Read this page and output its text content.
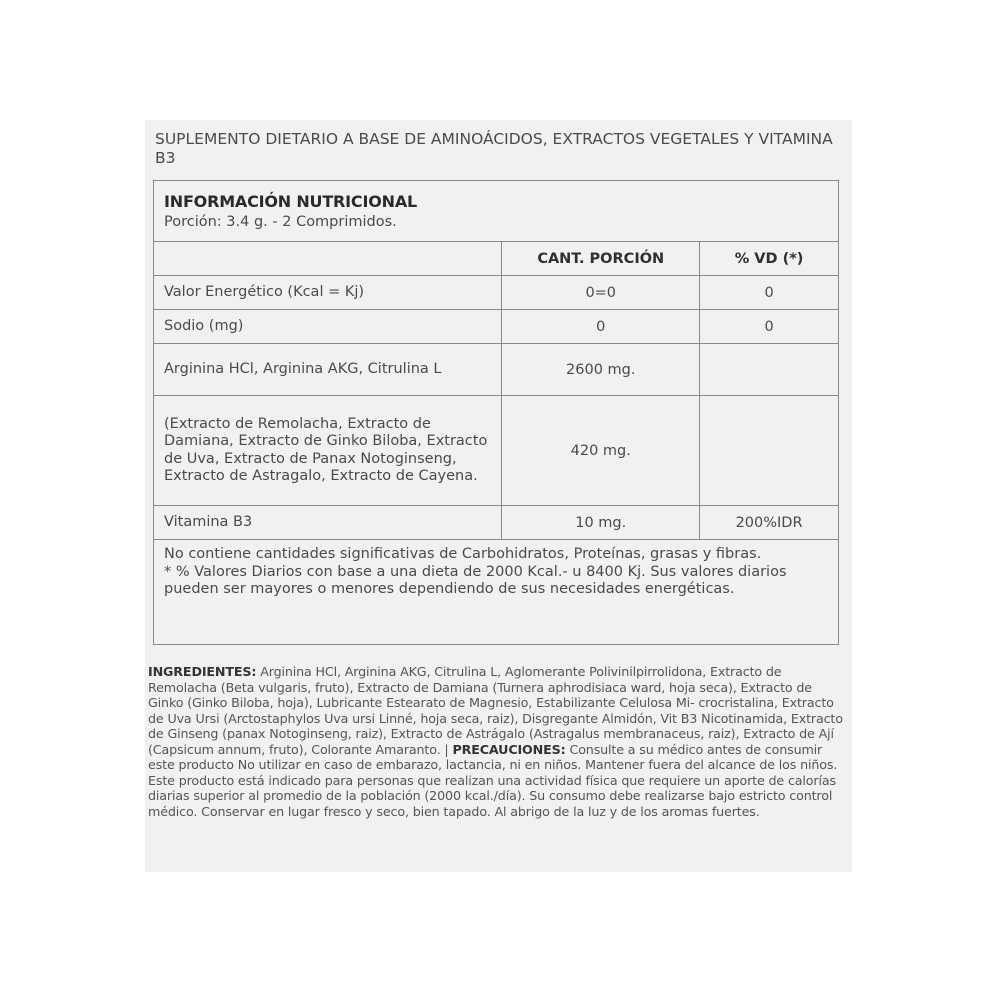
SUPLEMENTO DIETARIO A BASE DE AMINOÁCIDOS, EXTRACTOS VEGETALES Y VITAMINA B3
INFORMACIÓN NUTRICIONAL
Porción: 3.4 g. - 2 Comprimidos.		

	CANT. PORCIÓN	% VD (*)
Valor Energético (Kcal = Kj)	0=0	0
Sodio (mg)	0	0
Arginina HCl, Arginina AKG, Citrulina L	2600 mg.	
(Extracto de Remolacha, Extracto de Damiana, Extracto de Ginko Biloba, Extracto de Uva, Extracto de Panax Notoginseng, Extracto de Astragalo, Extracto de Cayena.	420 mg.	
Vitamina B3	10 mg.	200%IDR

No contiene cantidades significativas de Carbohidratos, Proteínas, grasas y fibras.
* % Valores Diarios con base a una dieta de 2000 Kcal.- u 8400 Kj. Sus valores diarios pueden ser mayores o menores dependiendo de sus necesidades energéticas.		

INGREDIENTES: Arginina HCl, Arginina AKG, Citrulina L, Aglomerante Polivinilpirrolidona, Extracto de Remolacha (Beta vulgaris, fruto), Extracto de Damiana (Turnera aphrodisiaca ward, hoja seca), Extracto de Ginko (Ginko Biloba, hoja), Lubricante Estearato de Magnesio, Estabilizante Celulosa Mi- crocristalina, Extracto de Uva Ursi (Arctostaphylos Uva ursi Linné, hoja seca, raiz), Disgregante Almidón, Vit B3 Nicotinamida, Extracto de Ginseng (panax Notoginseng, raiz), Extracto de Astrágalo (Astragalus membranaceus, raiz), Extracto de Ají (Capsicum annum, fruto), Colorante Amaranto. | PRECAUCIONES: Consulte a su médico antes de consumir este producto No utilizar en caso de embarazo, lactancia, ni en niños. Mantener fuera del alcance de los niños. Este producto está indicado para personas que realizan una actividad física que requiere un aporte de calorías diarias superior al promedio de la población (2000 kcal./día). Su consumo debe realizarse bajo estricto control médico. Conservar en lugar fresco y seco, bien tapado. Al abrigo de la luz y de los aromas fuertes.
